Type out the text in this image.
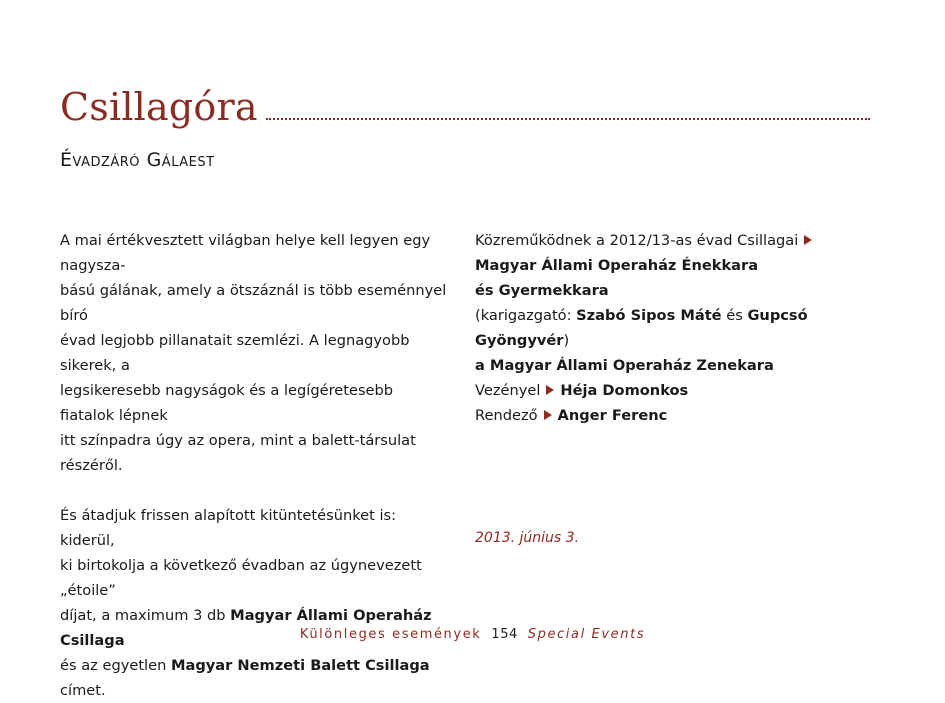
Csillagóra
Évadzáró Gálaest
A mai értékvesztett világban helye kell legyen egy nagysza-
bású gálának, amely a ötszáznál is több eseménnyel bíró
évad legjobb pillanatait szemlézi. A legnagyobb sikerek, a
legsikeresebb nagyságok és a legígéretesebb fiatalok lépnek
itt színpadra úgy az opera, mint a balett-társulat részéről.
És átadjuk frissen alapított kitüntetésünket is: kiderül,
ki birtokolja a következő évadban az úgynevezett „étoile”
díjat, a maximum 3 db Magyar Állami Operaház Csillaga
és az egyetlen Magyar Nemzeti Balett Csillaga címet.
Közreműködnek a 2012/13-as évad Csillagai
Magyar Állami Operaház Énekkara
és Gyermekkara
(karigazgató: Szabó Sipos Máté és Gupcsó Gyöngyvér)
a Magyar Állami Operaház Zenekara
Vezényel Héja Domonkos
Rendező Anger Ferenc
2013. június 3.
Különleges események 154 Special Events
